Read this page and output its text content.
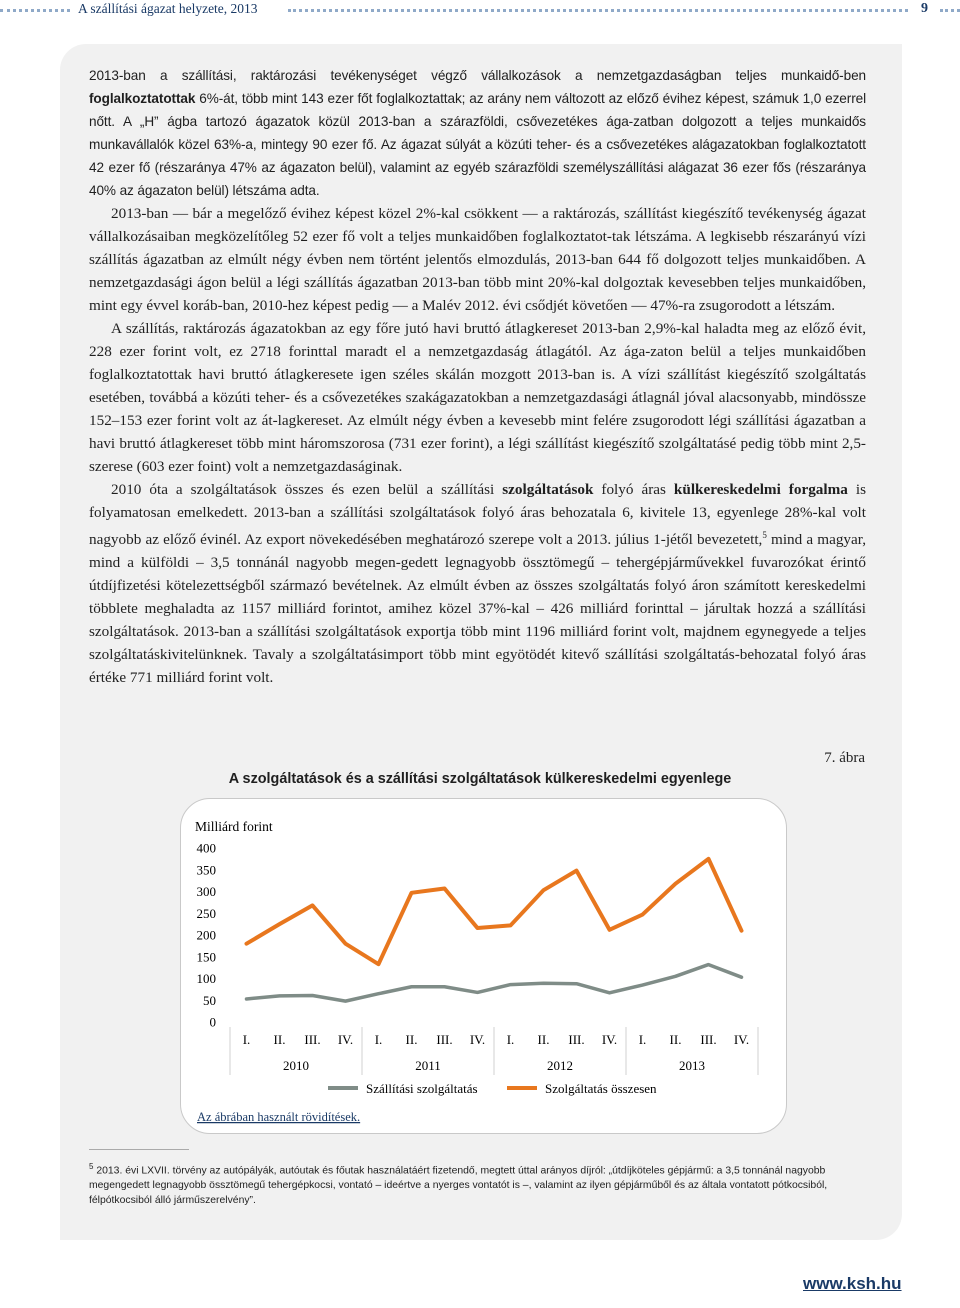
A szállítási ágazat helyzete, 2013	9

2013-ban a szállítási, raktározási tevékenységet végző vállalkozások a nemzetgazdaságban teljes munkaidő-ben foglalkoztatottak 6%-át, több mint 143 ezer főt foglalkoztattak; az arány nem változott az előző évihez képest, számuk 1,0 ezerrel nőtt. A „H” ágba tartozó ágazatok közül 2013-ban a szárazföldi, csővezetékes ága-zatban dolgozott a teljes munkaidős munkavállalók közel 63%-a, mintegy 90 ezer fő. Az ágazat súlyát a közúti teher- és a csővezetékes alágazatokban foglalkoztatott 42 ezer fő (részaránya 47% az ágazaton belül), valamint az egyéb szárazföldi személyszállítási alágazat 36 ezer fős (részaránya 40% az ágazaton belül) létszáma adta.

2013-ban — bár a megelőző évihez képest közel 2%-kal csökkent — a raktározás, szállítást kiegészítő tevékenység ágazat vállalkozásaiban megközelítőleg 52 ezer fő volt a teljes munkaidőben foglalkoztatot-tak létszáma. A legkisebb részarányú vízi szállítás ágazatban az elmúlt négy évben nem történt jelentős elmozdulás, 2013-ban 644 fő dolgozott teljes munkaidőben. A nemzetgazdasági ágon belül a légi szállítás ágazatban 2013-ban több mint 20%-kal dolgoztak kevesebben teljes munkaidőben, mint egy évvel koráb-ban, 2010-hez képest pedig — a Malév 2012. évi csődjét követően — 47%-ra zsugorodott a létszám.

A szállítás, raktározás ágazatokban az egy főre jutó havi bruttó átlagkereset 2013-ban 2,9%-kal haladta meg az előző évit, 228 ezer forint volt, ez 2718 forinttal maradt el a nemzetgazdaság átlagától. Az ága-zaton belül a teljes munkaidőben foglalkoztatottak havi bruttó átlagkeresete igen széles skálán mozgott 2013-ban is. A vízi szállítást kiegészítő szolgáltatás esetében, továbbá a közúti teher- és a csővezetékes szakágazatokban a nemzetgazdasági átlagnál jóval alacsonyabb, mindössze 152–153 ezer forint volt az át-lagkereset. Az elmúlt négy évben a kevesebb mint felére zsugorodott légi szállítási ágazatban a havi bruttó átlagkereset több mint háromszorosa (731 ezer forint), a légi szállítást kiegészítő szolgáltatásé pedig több mint 2,5-szerese (603 ezer foint) volt a nemzetgazdaságinak.

2010 óta a szolgáltatások összes és ezen belül a szállítási szolgáltatások folyó áras külkereskedelmi forgalma is folyamatosan emelkedett. 2013-ban a szállítási szolgáltatások folyó áras behozatala 6, kivitele 13, egyenlege 28%-kal volt nagyobb az előző évinél. Az export növekedésében meghatározó szerepe volt a 2013. július 1-jétől bevezetett,$^5$ mind a magyar, mind a külföldi – 3,5 tonnánál nagyobb megen-gedett legnagyobb össztömegű – tehergépjárművekkel fuvarozókat érintő útdíjfizetési kötelezettségből származó bevételnek. Az elmúlt évben az összes szolgáltatás folyó áron számított kereskedelmi többlete meghaladta az 1157 milliárd forintot, amihez közel 37%-kal – 426 milliárd forinttal – járultak hozzá a szállítási szolgáltatások. 2013-ban a szállítási szolgáltatások exportja több mint 1196 milliárd forint volt, majdnem egynegyede a teljes szolgáltatáskivitelünknek. Tavaly a szolgáltatásimport több mint egyötödét kitevő szállítási szolgáltatás-behozatal folyó áras értéke 771 milliárd forint volt.

7. ábra
A szolgáltatások és a szállítási szolgáltatások külkereskedelmi egyenlege
Milliárd forint
0
50
100
150
200
250
300
350
400
I. II. III. IV. I. II. III. IV. I. II. III. IV. I. II. III. IV.
2010	2011	2012	2013
Szállítási szolgáltatás	Szolgáltatás összesen
Az ábrában használt rövidítések.
$^5$ 2013. évi LXVII. törvény az autópályák, autóutak és főutak használatáért fizetendő, megtett úttal arányos díjról: „útdíjköteles gépjármű: a 3,5 tonnánál nagyobb megengedett legnagyobb össztömegű tehergépkocsi, vontató – ideértve a nyerges vontatót is –, valamint az ilyen gépjárműből és az általa vontatott pótkocsiból, félpótkocsiból álló járműszerelvény”.
www.ksh.hu
